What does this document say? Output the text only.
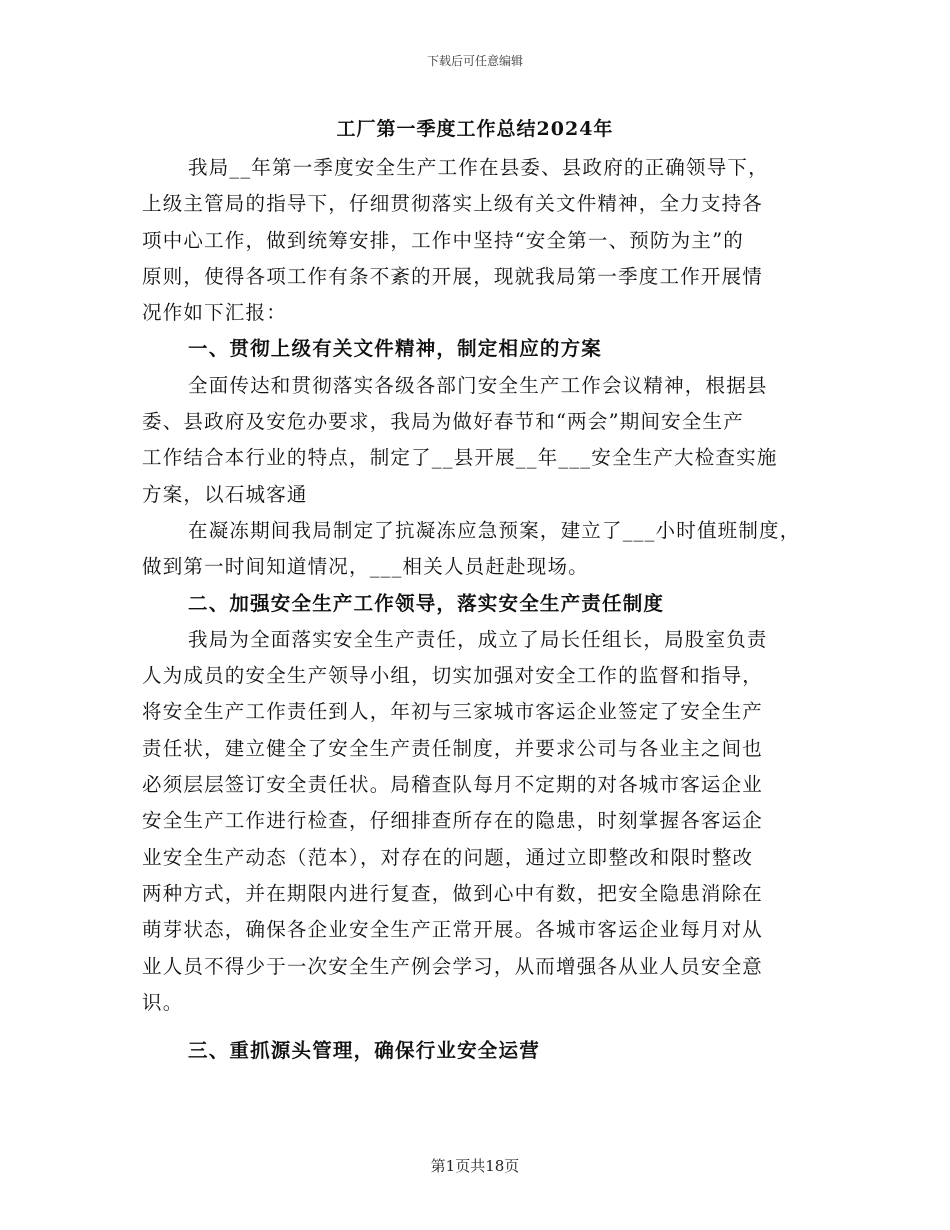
下载后可任意编辑
工厂第一季度工作总结2024年
我局__年第一季度安全生产工作在县委、县政府的正确领导下，
上级主管局的指导下，仔细贯彻落实上级有关文件精神，全力支持各
项中心工作，做到统筹安排，工作中坚持“安全第一、预防为主”的
原则，使得各项工作有条不紊的开展，现就我局第一季度工作开展情
况作如下汇报：
一、贯彻上级有关文件精神，制定相应的方案
全面传达和贯彻落实各级各部门安全生产工作会议精神，根据县
委、县政府及安危办要求，我局为做好春节和“两会”期间安全生产
工作结合本行业的特点，制定了__县开展__年___安全生产大检查实施
方案，以石城客通
在凝冻期间我局制定了抗凝冻应急预案，建立了___小时值班制度，
做到第一时间知道情况，___相关人员赶赴现场。
二、加强安全生产工作领导，落实安全生产责任制度
我局为全面落实安全生产责任，成立了局长任组长，局股室负责
人为成员的安全生产领导小组，切实加强对安全工作的监督和指导，
将安全生产工作责任到人，年初与三家城市客运企业签定了安全生产
责任状，建立健全了安全生产责任制度，并要求公司与各业主之间也
必须层层签订安全责任状。局稽查队每月不定期的对各城市客运企业
安全生产工作进行检查，仔细排查所存在的隐患，时刻掌握各客运企
业安全生产动态（范本），对存在的问题，通过立即整改和限时整改
两种方式，并在期限内进行复查，做到心中有数，把安全隐患消除在
萌芽状态，确保各企业安全生产正常开展。各城市客运企业每月对从
业人员不得少于一次安全生产例会学习，从而增强各从业人员安全意
识。
三、重抓源头管理，确保行业安全运营
第1页共18页
